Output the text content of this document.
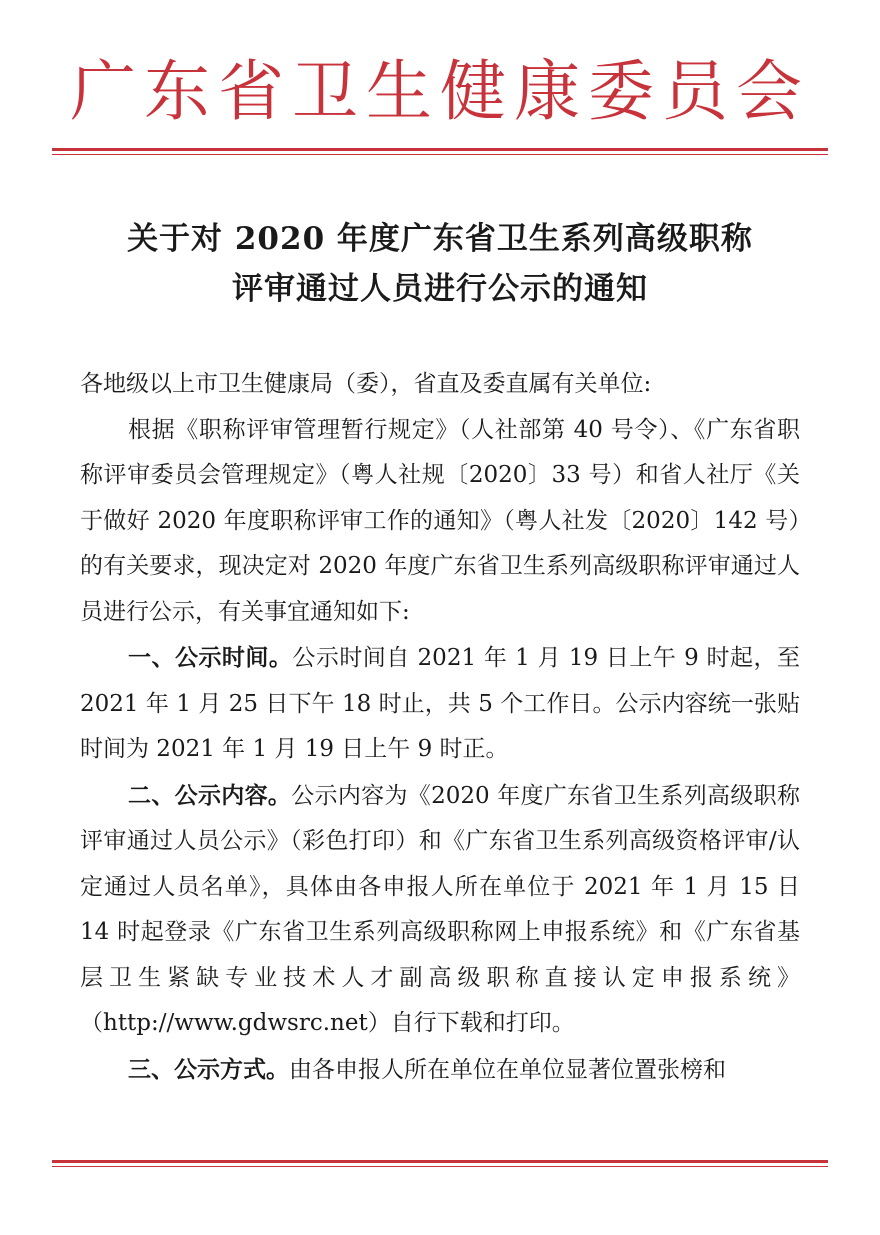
广东省卫生健康委员会
关于对 2020 年度广东省卫生系列高级职称
评审通过人员进行公示的通知

各地级以上市卫生健康局（委），省直及委直属有关单位:

根据《职称评审管理暂行规定》（人社部第 40 号令）、《广东省职称评审委员会管理规定》（粤人社规〔2020〕33 号）和省人社厅《关于做好 2020 年度职称评审工作的通知》（粤人社发〔2020〕142 号）的有关要求，现决定对 2020 年度广东省卫生系列高级职称评审通过人员进行公示，有关事宜通知如下:

一、公示时间。公示时间自 2021 年 1 月 19 日上午 9 时起，至 2021 年 1 月 25 日下午 18 时止，共 5 个工作日。公示内容统一张贴时间为 2021 年 1 月 19 日上午 9 时正。

二、公示内容。公示内容为《2020 年度广东省卫生系列高级职称评审通过人员公示》（彩色打印）和《广东省卫生系列高级资格评审/认定通过人员名单》，具体由各申报人所在单位于 2021 年 1 月 15 日 14 时起登录《广东省卫生系列高级职称网上申报系统》和《广东省基层卫生紧缺专业技术人才副高级职称直接认定申报系统》（http://www.gdwsrc.net）自行下载和打印。

三、公示方式。由各申报人所在单位在单位显著位置张榜和
